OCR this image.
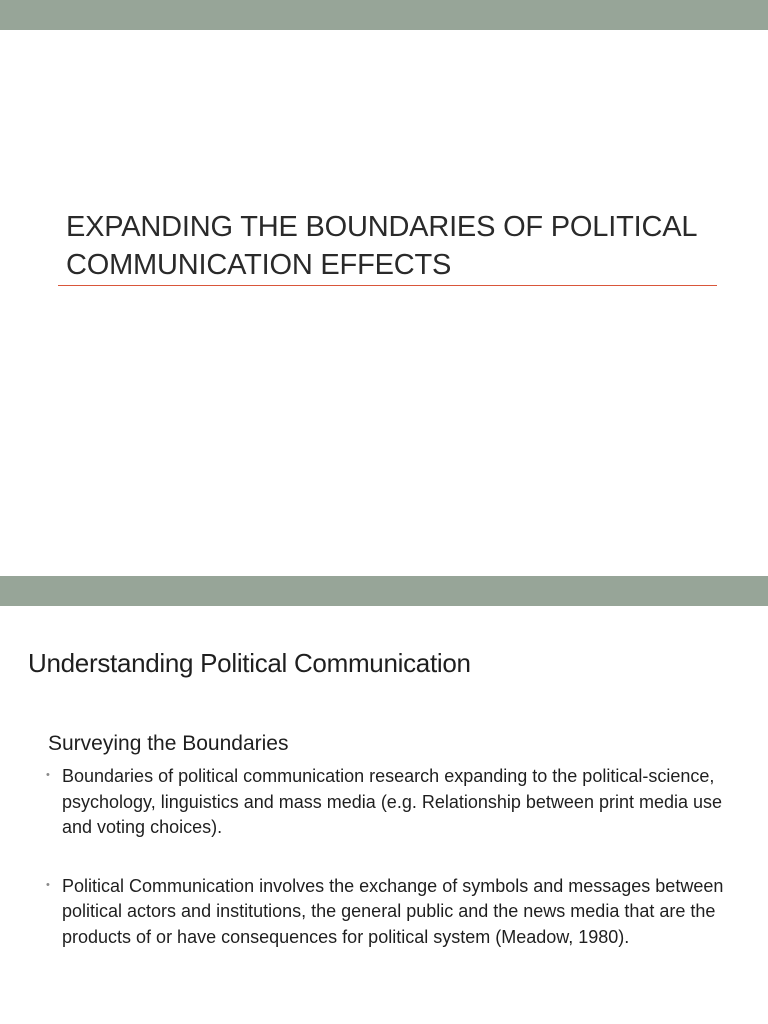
EXPANDING THE BOUNDARIES OF POLITICAL COMMUNICATION EFFECTS
Understanding Political Communication
Surveying the Boundaries
• Boundaries of political communication research expanding to the political-science, psychology, linguistics and mass media (e.g. Relationship between print media use and voting choices).
• Political Communication involves the exchange of symbols and messages between political actors and institutions, the general public and the news media that are the products of or have consequences for political system (Meadow, 1980).
